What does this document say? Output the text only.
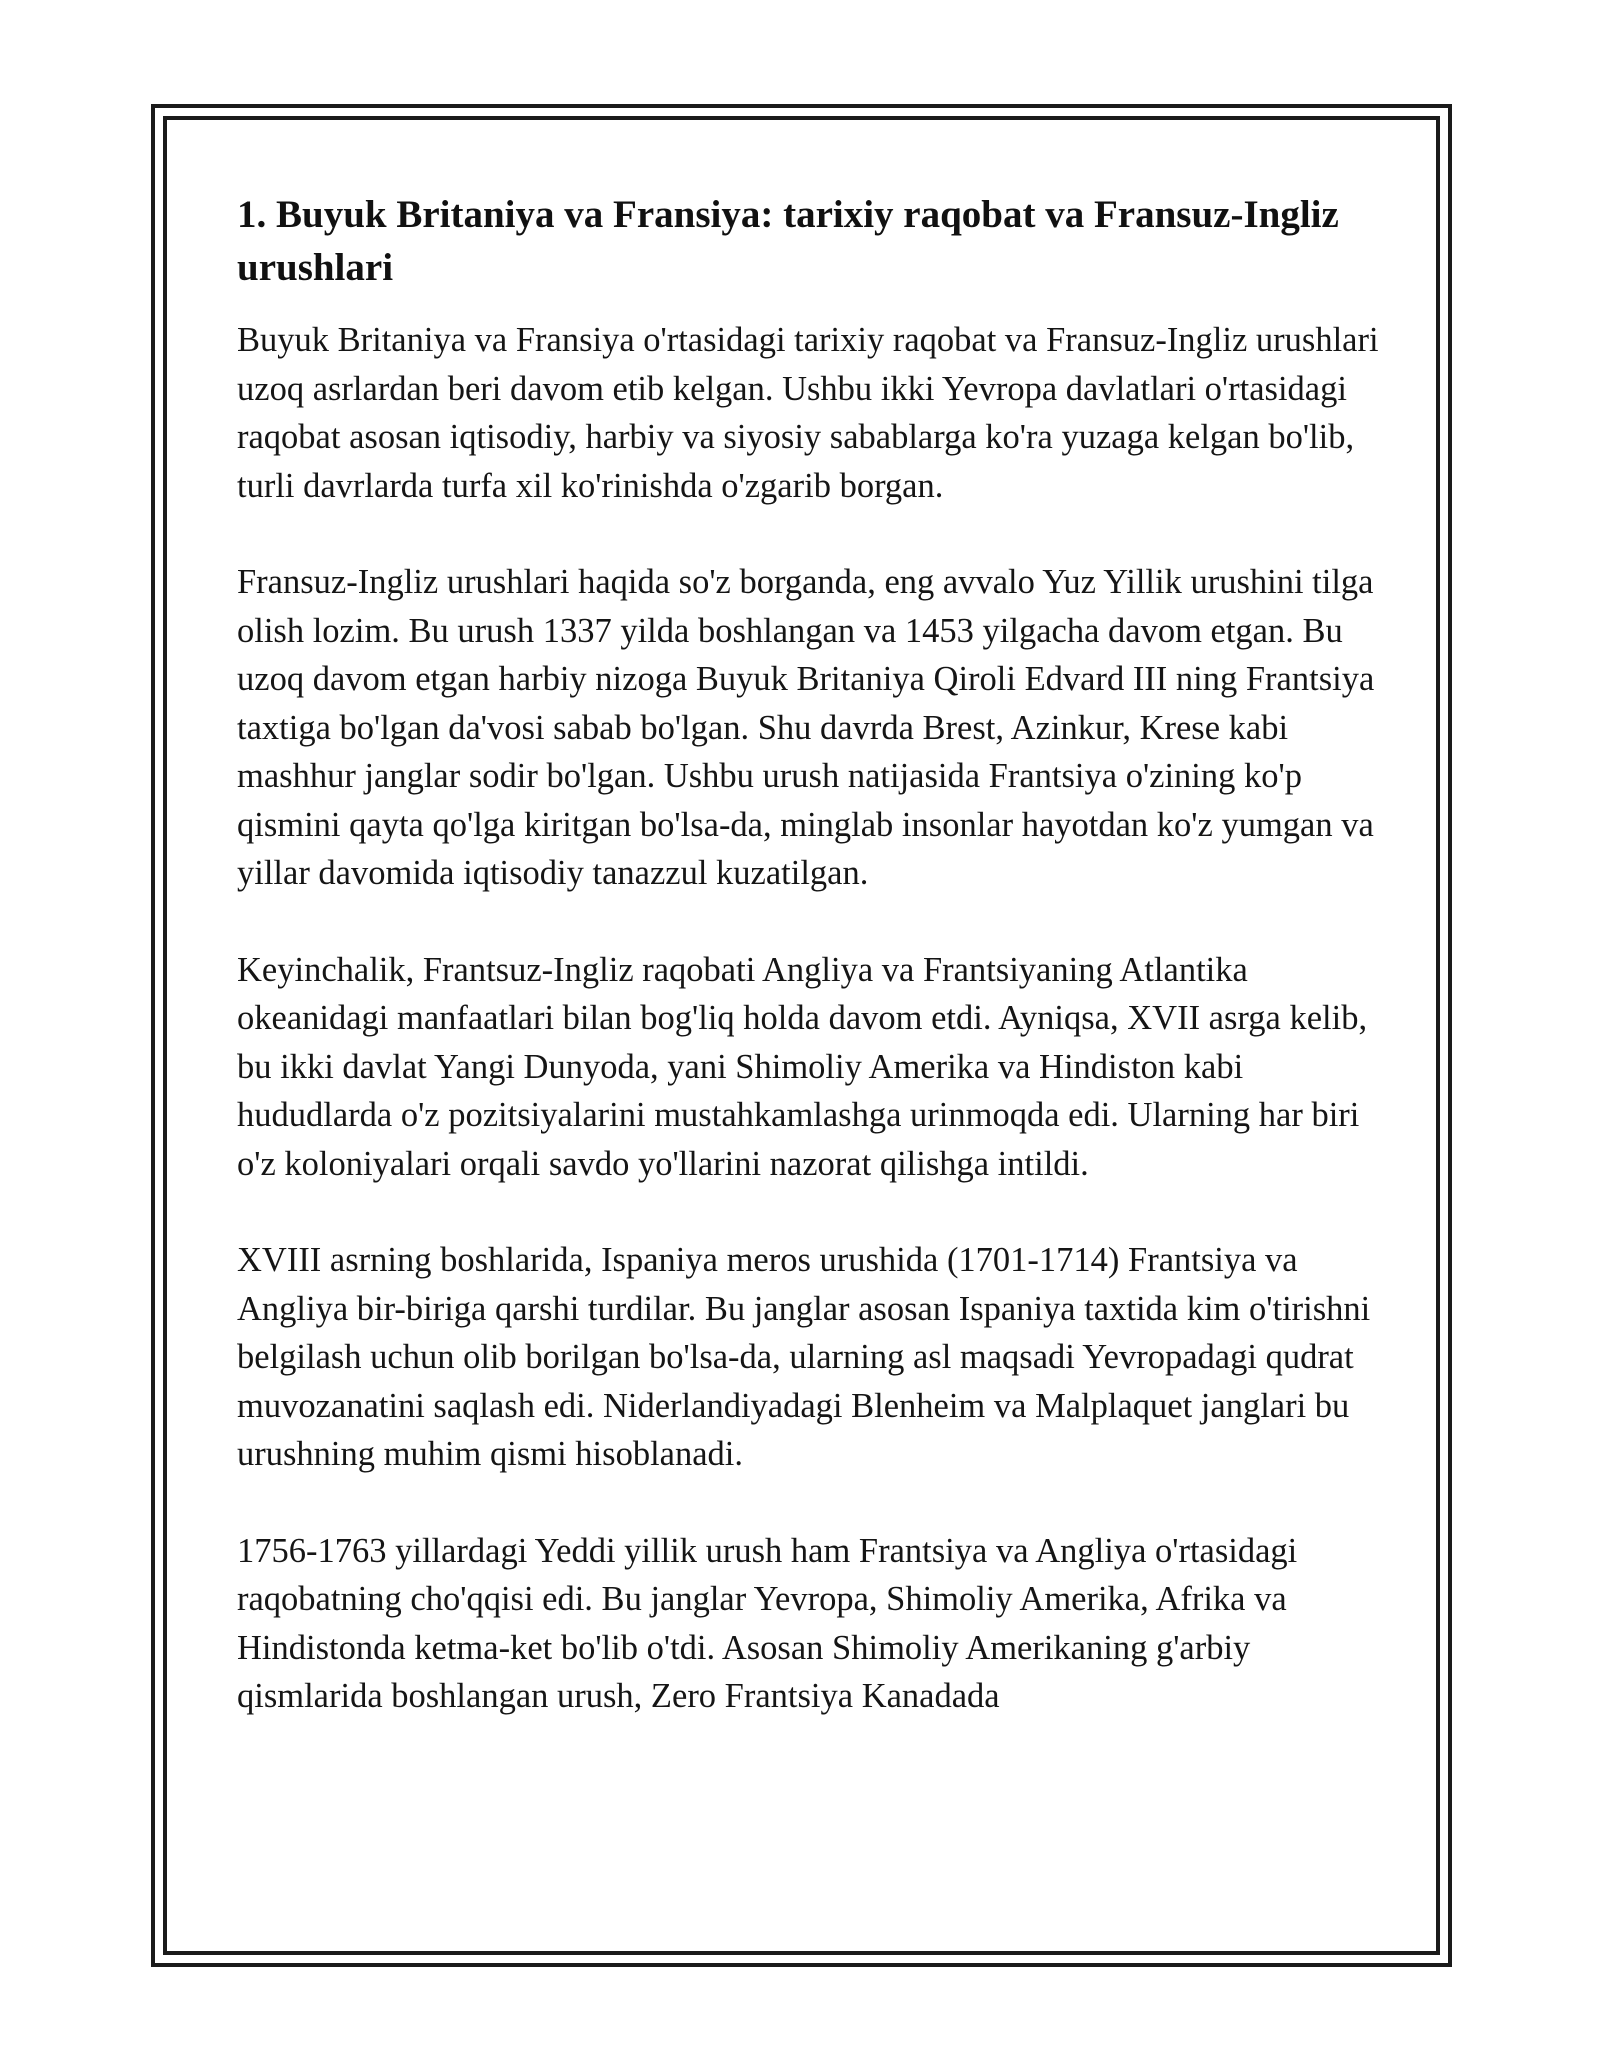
1. Buyuk Britaniya va Fransiya: tarixiy raqobat va Fransuz-Ingliz urushlari

Buyuk Britaniya va Fransiya o'rtasidagi tarixiy raqobat va Fransuz-Ingliz urushlari uzoq asrlardan beri davom etib kelgan. Ushbu ikki Yevropa davlatlari o'rtasidagi raqobat asosan iqtisodiy, harbiy va siyosiy sabablarga ko'ra yuzaga kelgan bo'lib, turli davrlarda turfa xil ko'rinishda o'zgarib borgan.

Fransuz-Ingliz urushlari haqida so'z borganda, eng avvalo Yuz Yillik urushini tilga olish lozim. Bu urush 1337 yilda boshlangan va 1453 yilgacha davom etgan. Bu uzoq davom etgan harbiy nizoga Buyuk Britaniya Qiroli Edvard III ning Frantsiya taxtiga bo'lgan da'vosi sabab bo'lgan. Shu davrda Brest, Azinkur, Krese kabi mashhur janglar sodir bo'lgan. Ushbu urush natijasida Frantsiya o'zining ko'p qismini qayta qo'lga kiritgan bo'lsa-da, minglab insonlar hayotdan ko'z yumgan va yillar davomida iqtisodiy tanazzul kuzatilgan.

Keyinchalik, Frantsuz-Ingliz raqobati Angliya va Frantsiyaning Atlantika okeanidagi manfaatlari bilan bog'liq holda davom etdi. Ayniqsa, XVII asrga kelib, bu ikki davlat Yangi Dunyoda, yani Shimoliy Amerika va Hindiston kabi hududlarda o'z pozitsiyalarini mustahkamlashga urinmoqda edi. Ularning har biri o'z koloniyalari orqali savdo yo'llarini nazorat qilishga intildi.

XVIII asrning boshlarida, Ispaniya meros urushida (1701-1714) Frantsiya va Angliya bir-biriga qarshi turdilar. Bu janglar asosan Ispaniya taxtida kim o'tirishni belgilash uchun olib borilgan bo'lsa-da, ularning asl maqsadi Yevropadagi qudrat muvozanatini saqlash edi. Niderlandiyadagi Blenheim va Malplaquet janglari bu urushning muhim qismi hisoblanadi.

1756-1763 yillardagi Yeddi yillik urush ham Frantsiya va Angliya o'rtasidagi raqobatning cho'qqisi edi. Bu janglar Yevropa, Shimoliy Amerika, Afrika va Hindistonda ketma-ket bo'lib o'tdi. Asosan Shimoliy Amerikaning g'arbiy qismlarida boshlangan urush, Zero Frantsiya Kanadada
